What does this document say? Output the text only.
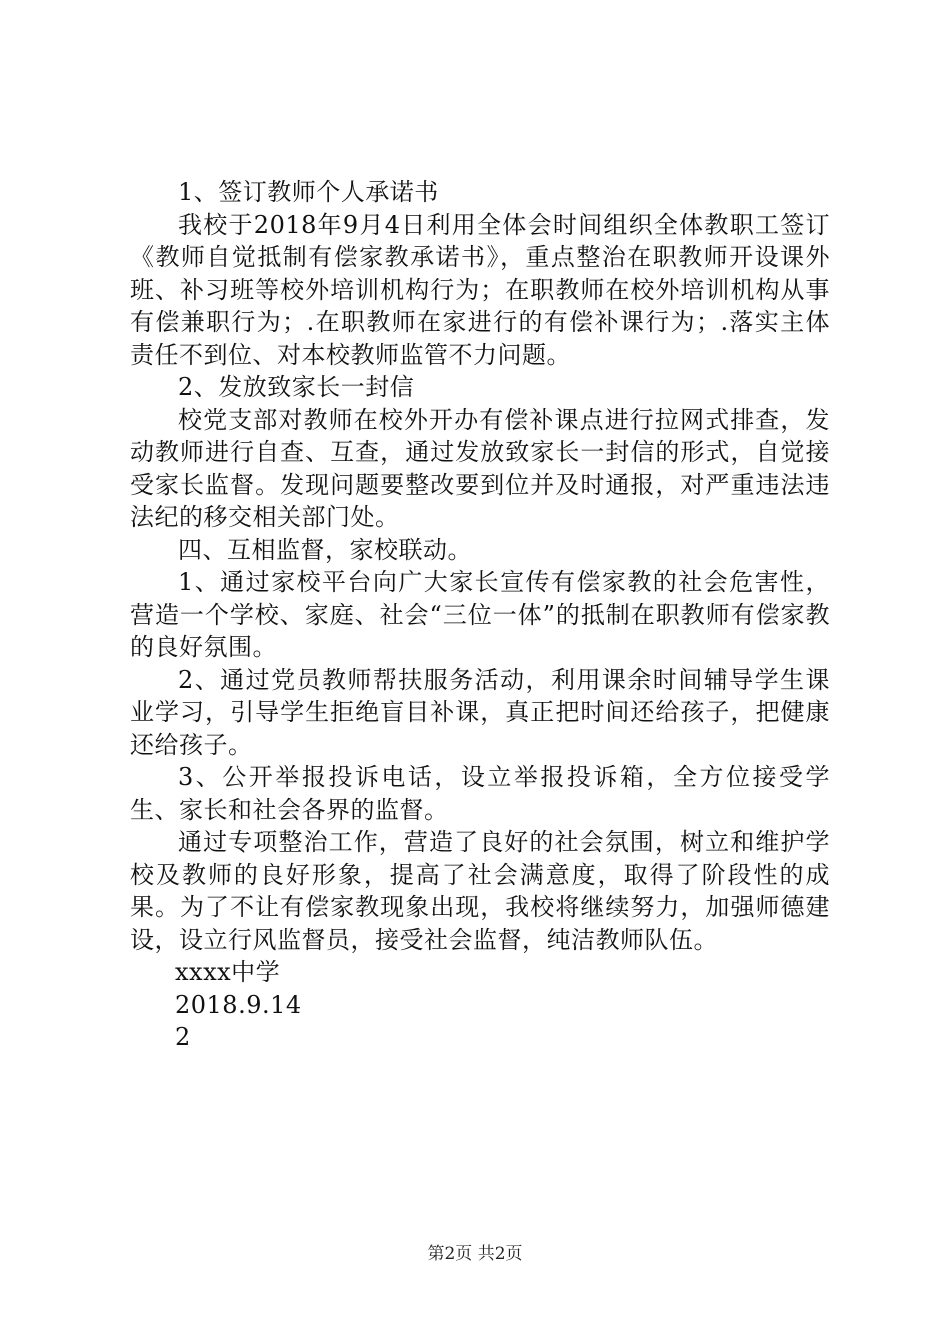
1、签订教师个人承诺书

我校于2018年9月4日利用全体会时间组织全体教职工签订《教师自觉抵制有偿家教承诺书》，重点整治在职教师开设课外班、补习班等校外培训机构行为；在职教师在校外培训机构从事有偿兼职行为；.在职教师在家进行的有偿补课行为；.落实主体责任不到位、对本校教师监管不力问题。

2、发放致家长一封信

校党支部对教师在校外开办有偿补课点进行拉网式排查，发动教师进行自查、互查，通过发放致家长一封信的形式，自觉接受家长监督。发现问题要整改要到位并及时通报，对严重违法违法纪的移交相关部门处。

四、互相监督，家校联动。

1、通过家校平台向广大家长宣传有偿家教的社会危害性，营造一个学校、家庭、社会“三位一体”的抵制在职教师有偿家教的良好氛围。

2、通过党员教师帮扶服务活动，利用课余时间辅导学生课业学习，引导学生拒绝盲目补课，真正把时间还给孩子，把健康还给孩子。

3、公开举报投诉电话，设立举报投诉箱，全方位接受学生、家长和社会各界的监督。

通过专项整治工作，营造了良好的社会氛围，树立和维护学校及教师的良好形象，提高了社会满意度，取得了阶段性的成果。为了不让有偿家教现象出现，我校将继续努力，加强师德建设，设立行风监督员，接受社会监督，纯洁教师队伍。

xxxx中学

2018.9.14

2

第2页 共2页
